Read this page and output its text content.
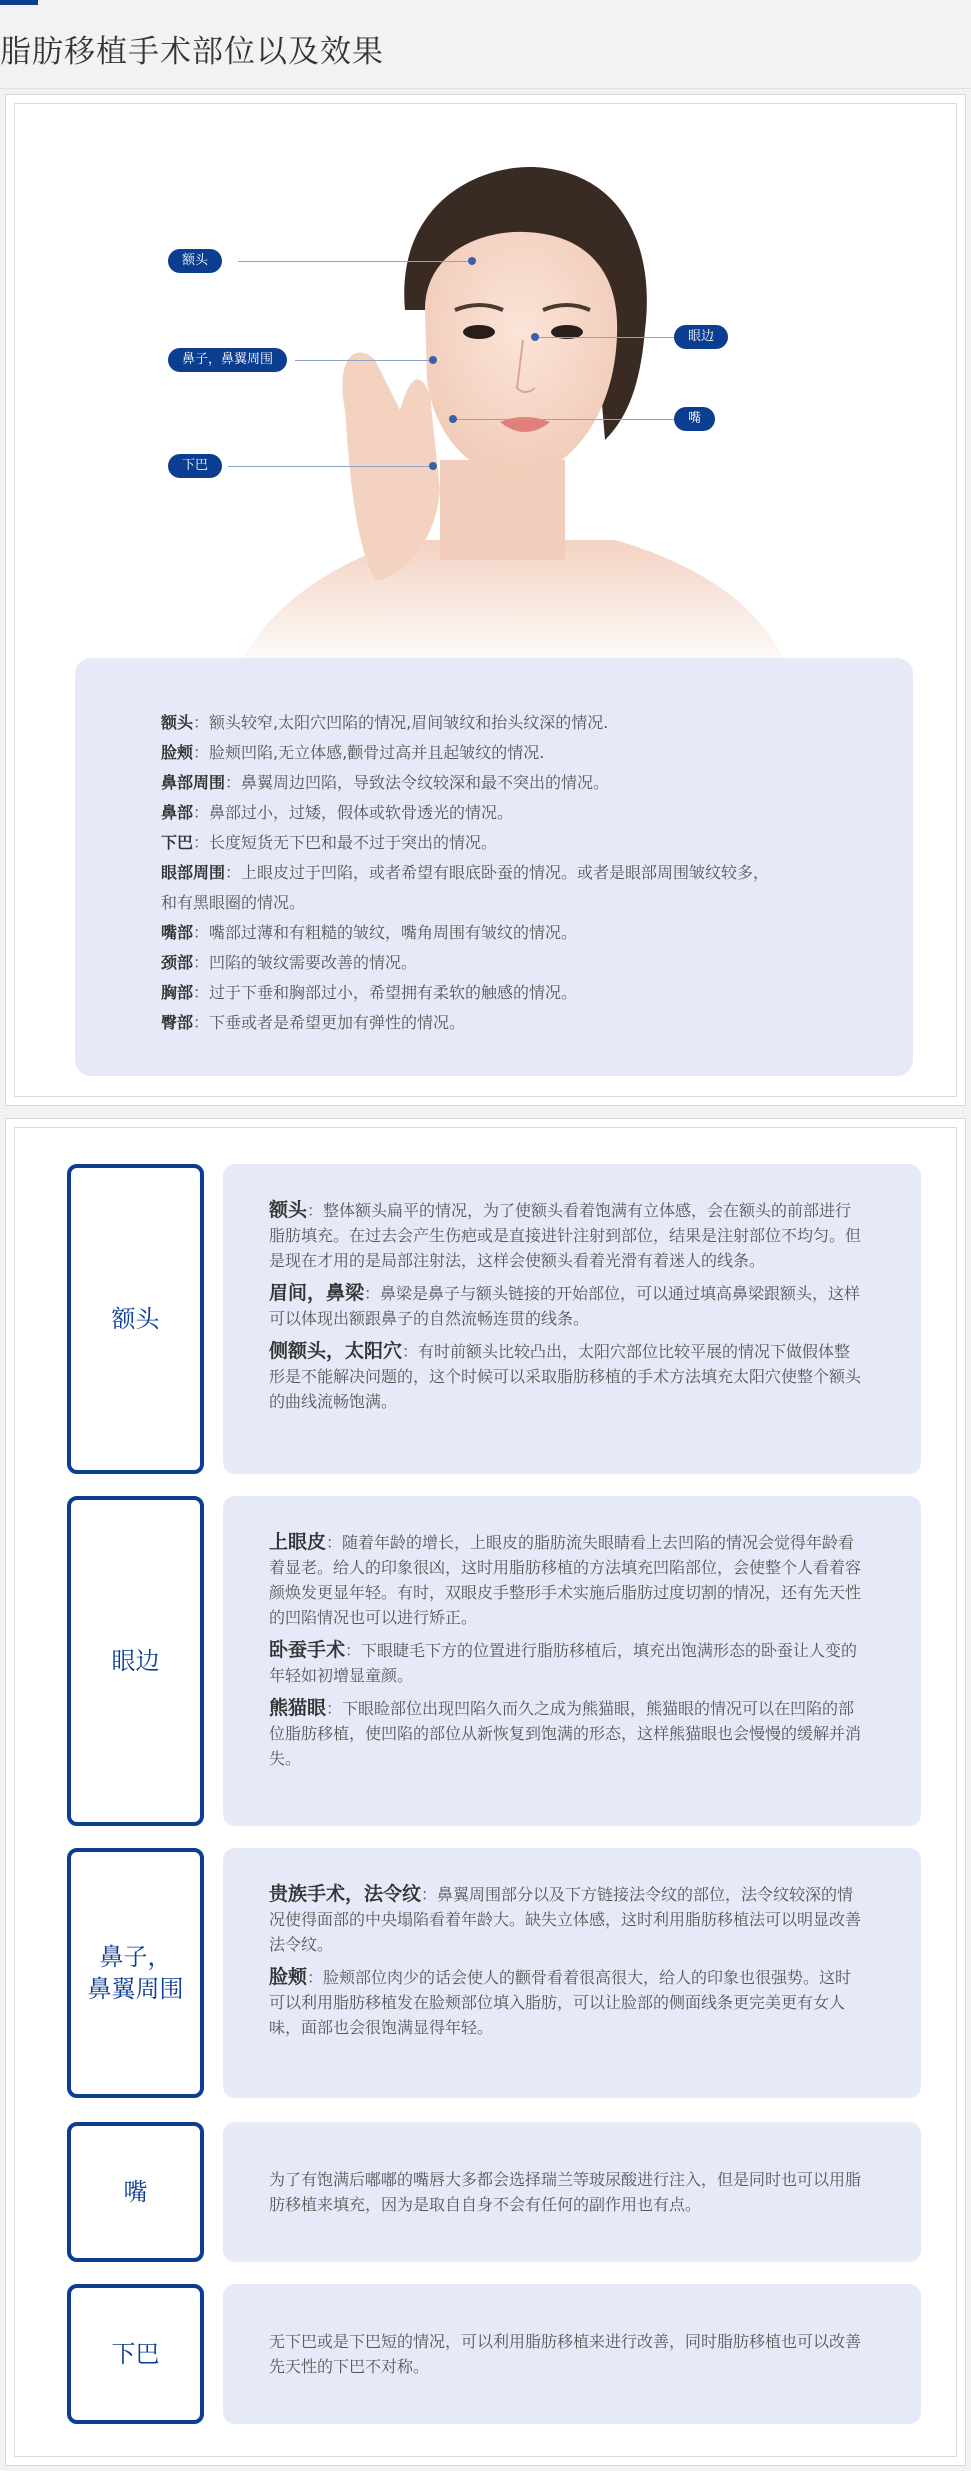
脂肪移植手术部位以及效果
额头
鼻子，鼻翼周围
下巴
眼边
嘴
额头：额头较窄,太阳穴凹陷的情况,眉间皱纹和抬头纹深的情况.
脸颊：脸颊凹陷,无立体感,颧骨过高并且起皱纹的情况.
鼻部周围：鼻翼周边凹陷，导致法令纹较深和最不突出的情况。
鼻部：鼻部过小，过矮，假体或软骨透光的情况。
下巴：长度短货无下巴和最不过于突出的情况。
眼部周围：上眼皮过于凹陷，或者希望有眼底卧蚕的情况。或者是眼部周围皱纹较多，
和有黑眼圈的情况。
嘴部：嘴部过薄和有粗糙的皱纹，嘴角周围有皱纹的情况。
颈部：凹陷的皱纹需要改善的情况。
胸部：过于下垂和胸部过小，希望拥有柔软的触感的情况。
臀部：下垂或者是希望更加有弹性的情况。
额头

额头：整体额头扁平的情况，为了使额头看着饱满有立体感，会在额头的前部进行脂肪填充。在过去会产生伤疤或是直接进针注射到部位，结果是注射部位不均匀。但是现在才用的是局部注射法，这样会使额头看着光滑有着迷人的线条。

眉间，鼻梁：鼻梁是鼻子与额头链接的开始部位，可以通过填高鼻梁跟额头，这样可以体现出额跟鼻子的自然流畅连贯的线条。

侧额头，太阳穴：有时前额头比较凸出，太阳穴部位比较平展的情况下做假体整形是不能解决问题的，这个时候可以采取脂肪移植的手术方法填充太阳穴使整个额头的曲线流畅饱满。

眼边

上眼皮：随着年龄的增长，上眼皮的脂肪流失眼睛看上去凹陷的情况会觉得年龄看着显老。给人的印象很凶，这时用脂肪移植的方法填充凹陷部位，会使整个人看着容颜焕发更显年轻。有时，双眼皮手整形手术实施后脂肪过度切割的情况，还有先天性的凹陷情况也可以进行矫正。

卧蚕手术：下眼睫毛下方的位置进行脂肪移植后，填充出饱满形态的卧蚕让人变的年轻如初增显童颜。

熊猫眼：下眼睑部位出现凹陷久而久之成为熊猫眼，熊猫眼的情况可以在凹陷的部位脂肪移植，使凹陷的部位从新恢复到饱满的形态，这样熊猫眼也会慢慢的缓解并消失。

鼻子，
鼻翼周围

贵族手术，法令纹：鼻翼周围部分以及下方链接法令纹的部位，法令纹较深的情况使得面部的中央塌陷看着年龄大。缺失立体感，这时利用脂肪移植法可以明显改善法令纹。

脸颊：脸颊部位肉少的话会使人的颧骨看着很高很大，给人的印象也很强势。这时可以利用脂肪移植发在脸颊部位填入脂肪，可以让脸部的侧面线条更完美更有女人味，面部也会很饱满显得年轻。

嘴	为了有饱满后嘟嘟的嘴唇大多都会选择瑞兰等玻尿酸进行注入，但是同时也可以用脂肪移植来填充，因为是取自自身不会有任何的副作用也有点。

下巴	无下巴或是下巴短的情况，可以利用脂肪移植来进行改善，同时脂肪移植也可以改善先天性的下巴不对称。
